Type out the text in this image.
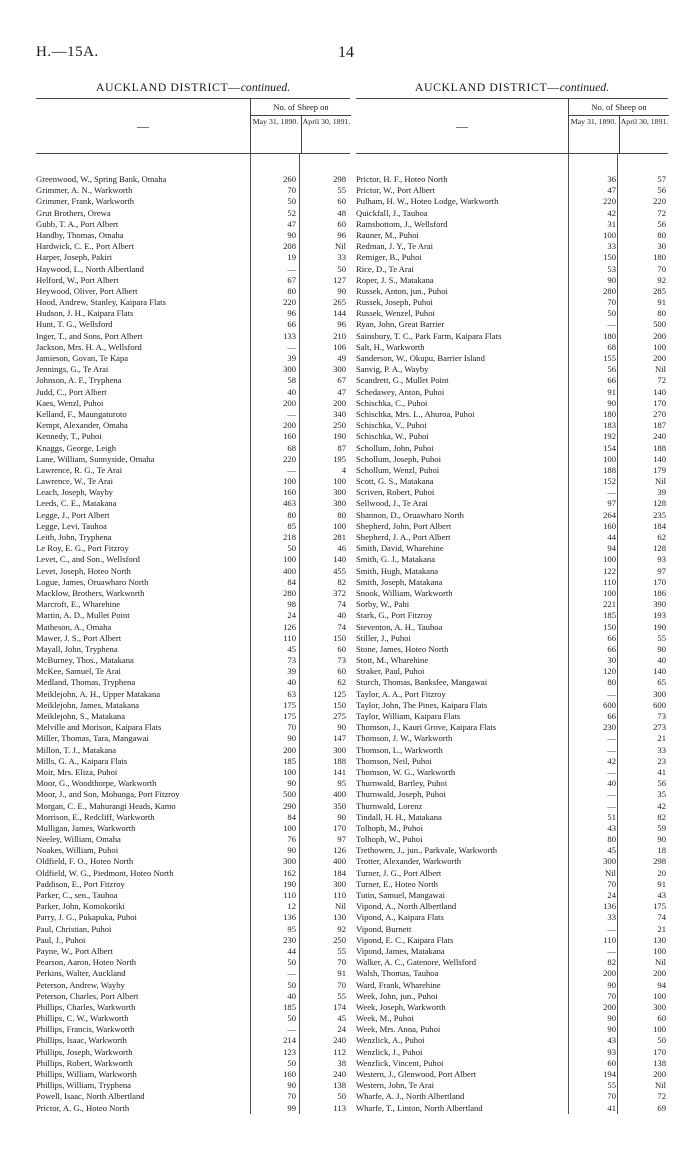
H.—15A.	14
AUCKLAND DISTRICT—continued.
—
No. of Sheep on
May 31, 1890. April 30, 1891.
Greenwood, W., Spring Bank, Omaha	260	298
Grimmer, A. N., Warkworth	70	55
Grimmer, Frank, Warkworth	50	60
Grut Brothers, Orewa	52	48
Gubb, T. A., Port Albert	47	60
Handby, Thomas, Omaha	90	96
Hardwick, C. E., Port Albert	208	Nil
Harper, Joseph, Pakiri	19	33
Haywood, L., North Albertland	—	50
Helford, W., Port Albert	67	127
Heywood, Oliver, Port Albert	80	90
Hood, Andrew, Stanley, Kaipara Flats	220	265
Hudson, J. H., Kaipara Flats	96	144
Hunt, T. G., Wellsford	66	96
Inger, T., and Sons, Port Albert	133	210
Jackson, Mrs. H. A., Wellsford	—	106
Jamieson, Govan, Te Kapa	39	49
Jennings, G., Te Arai	300	300
Johnson, A. F., Tryphena	58	67
Judd, C., Port Albert	40	47
Kaes, Wenzl, Puhoi	200	200
Kelland, F., Maungaturoto	—	340
Kempt, Alexander, Omaha	200	250
Kennedy, T., Puhoi	160	190
Knaggs, George, Leigh	68	87
Lane, William, Sunnyside, Omaha	220	195
Lawrence, R. G., Te Arai	—	4
Lawrence, W., Te Arai	100	100
Leach, Joseph, Wayby	160	300
Leeds, C. E., Matakana	463	380
Legge, J., Port Albert	80	80
Legge, Levi, Tauhoa	85	100
Leith, John, Tryphena	218	281
Le Roy, E. G., Port Fitzroy	50	46
Levet, C., and Son., Wellsford	100	140
Levet, Joseph, Hoteo North	400	455
Logue, James, Oruawharo North	84	82
Macklow, Brothers, Warkworth	280	372
Marcroft, E., Wharehine	98	74
Martin, A. D., Mullet Point	24	40
Matheson, A., Omaha	126	74
Mawer, J. S., Port Albert	110	150
Mayall, John, Tryphena	45	60
McBurney, Thos., Matakana	73	73
McKee, Samuel, Te Arai	39	60
Medland, Thomas, Tryphena	40	62
Meiklejohn, A. H., Upper Matakana	63	125
Meiklejohn, James, Matakana	175	150
Meiklejohn, S., Matakana	175	275
Melville and Morison, Kaipara Flats	70	90
Miller, Thomas, Tara, Mangawai	90	147
Millon, T. J., Matakana	200	300
Mills, G. A., Kaipara Flats	185	188
Moir, Mrs. Eliza, Puhoi	100	141
Moor, G., Woodthorpe, Warkworth	90	95
Moor, J., and Son, Mohunga, Port Fitzroy	500	400
Morgan, C. E., Mahurangi Heads, Kamo	290	350
Morrison, E., Redcliff, Warkworth	84	90
Mulligan, James, Warkworth	100	170
Neeley, William, Omaha	76	97
Noakes, William, Puhoi	90	126
Oldfield, F. O., Hoteo North	300	400
Oldfield, W. G., Piedmont, Hoteo North	162	184
Paddison, E., Port Fitzroy	190	300
Parker, C., sen., Tauhoa	110	110
Parker, John, Komokoriki	12	Nil
Parry, J. G., Pukapuka, Puhoi	136	130
Paul, Christian, Puhoi	95	92
Paul, J., Puhoi	230	250
Payne, W., Port Albert	44	55
Pearson, Aaron, Hoteo North	50	70
Perkins, Walter, Auckland	—	91
Peterson, Andrew, Wayby	50	70
Peterson, Charles, Port Albert	40	55
Phillips, Charles, Warkworth	185	174
Phillips, C. W., Warkworth	50	45
Phillips, Francis, Warkworth	—	24
Phillips, Isaac, Warkworth	214	240
Phillips, Joseph, Warkworth	123	112
Phillips, Robert, Warkworth	50	38
Phillips, William, Warkworth	160	240
Phillips, William, Tryphena	90	138
Powell, Isaac, North Albertland	70	50
Prictor, A. G., Hoteo North	99	113
AUCKLAND DISTRICT—continued.
—
No. of Sheep on
May 31, 1890. April 30, 1891.
Prictor, H. F., Hoteo North	36	57
Prictor, W., Port Albert	47	56
Pulham, H. W., Hoteo Lodge, Warkworth	220	220
Quickfall, J., Tauhoa	42	72
Ramsbottom, J., Wellsford	31	56
Rauner, M., Puhoi	100	80
Redman, J. Y., Te Arai	33	30
Remiger, B., Puhoi	150	180
Rice, D., Te Arai	53	70
Roper, J. S., Matakana	90	92
Russek, Anton, jun., Puhoi	280	285
Russek, Joseph, Puhoi	70	91
Russek, Wenzel, Puhoi	50	80
Ryan, John, Great Barrier	—	500
Sainsbury, T. C., Park Farm, Kaipara Flats	180	200
Salt, H., Warkworth	68	100
Sanderson, W., Okupu, Barrier Island	155	200
Sanvig, P. A., Wayby	56	Nil
Scandrett, G., Mullet Point	66	72
Schedawey, Anton, Puhoi	91	140
Schischka, C., Puhoi	90	170
Schischka, Mrs. L., Ahuroa, Puhoi	180	270
Schischka, V., Puhoi	183	187
Schischka, W., Puhoi	192	240
Schollum, John, Puhoi	154	188
Schollum, Joseph, Puhoi	100	140
Schollum, Wenzl, Puhoi	188	179
Scott, G. S., Matakana	152	Nil
Scriven, Robert, Puhoi	—	39
Sellwood, J., Te Arai	97	128
Shannon, D., Oruawharo North	264	235
Shepherd, John, Port Albert	160	184
Shepherd, J. A., Port Albert	44	62
Smith, David, Wharehine	94	128
Smith, G. J., Matakana	100	93
Smith, Hugh, Matakana	122	97
Smith, Joseph, Matakana	110	170
Snook, William, Warkworth	100	186
Sorby, W., Pahi	221	390
Stark, G., Port Fitzroy	185	193
Steventon, A. H., Tauhoa	150	190
Stiller, J., Puhoi	66	55
Stone, James, Hoteo North	66	90
Stott, M., Wharehine	30	40
Straker, Paul, Puhoi	120	140
Sturch, Thomas, Banksfee, Mangawai	80	65
Taylor, A. A., Port Fitzroy	—	300
Taylor, John, The Pines, Kaipara Flats	600	600
Taylor, William, Kaipara Flats	66	73
Thomson, J., Kauri Grove, Kaipara Flats	230	273
Thomson, J. W., Warkworth	—	21
Thomson, L., Warkworth	—	33
Thomson, Neil, Puhoi	42	23
Thomson, W. G., Warkworth	—	41
Thurnwald, Bartley, Puhoi	40	56
Thurnwald, Joseph, Puhoi	—	35
Thurnwald, Lorenz	—	42
Tindall, H. H., Matakana	51	82
Tolhoph, M., Puhoi	43	59
Tolhoph, W., Puhoi	80	90
Trethowen, J., jun., Parkvale, Warkworth	45	18
Trotter, Alexander, Warkworth	300	298
Turner, J. G., Port Albert	Nil	20
Turner, E., Hoteo North	70	91
Tutin, Samuel, Mangawai	24	43
Vipond, A., North Albertland	136	175
Vipond, A., Kaipara Flats	33	74
Vipond, Burnett	—	21
Vipond, E. C., Kaipara Flats	110	130
Vipond, James, Matakana	—	100
Walker, A. C., Gatenore, Wellsford	82	Nil
Walsh, Thomas, Tauhoa	200	200
Ward, Frank, Wharehine	90	94
Week, John, jun., Puhoi	70	100
Week, Joseph, Warkworth	200	300
Week, M., Puhoi	90	60
Week, Mrs. Anna, Puhoi	90	100
Wenzlick, A., Puhoi	43	50
Wenzlick, J., Puhoi	93	170
Wenzlick, Vincent, Puhoi	60	138
Western, J., Glenwood, Port Albert	194	200
Western, John, Te Arai	55	Nil
Wharfe, A. J., North Albertland	70	72
Wharfe, T., Linton, North Albertland	41	69
